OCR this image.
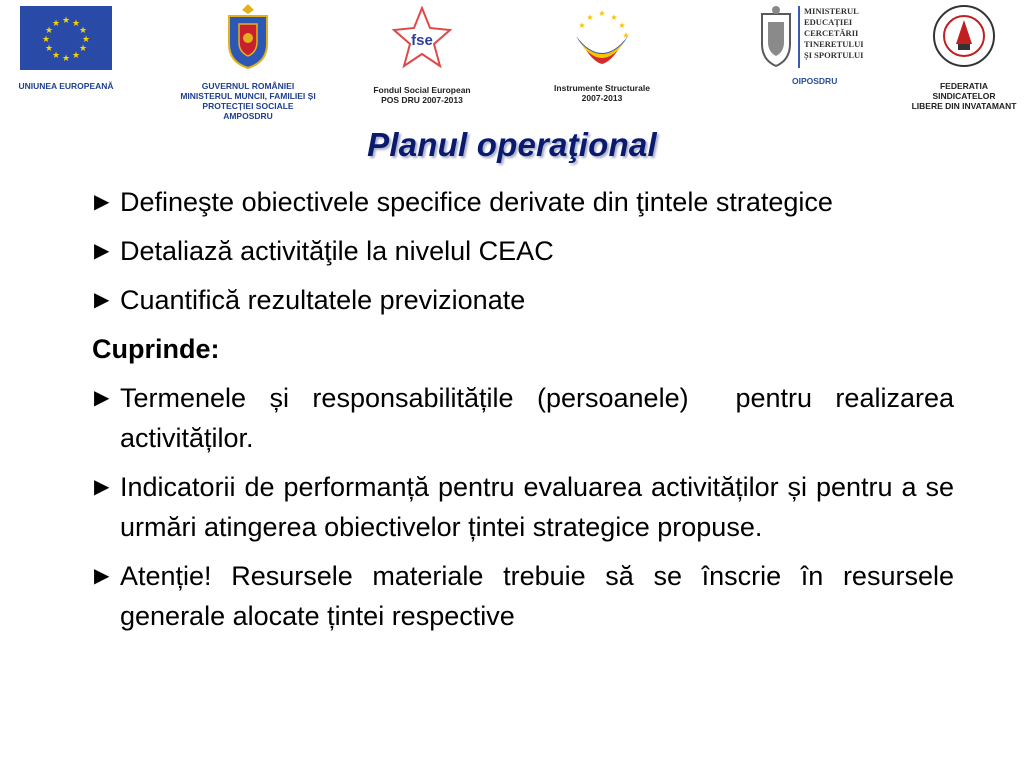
★ ★
★
★
★
★
★
★
★
★
★
★
UNIUNEA EUROPEANĂ	GUVERNUL ROMÂNIEI
MINISTERUL MUNCII, FAMILIEI ȘI
PROTECȚIEI SOCIALE
AMPOSDRU
fse
Fondul Social European
POS DRU 2007-2013
★ ★
★
★
★
★
Instrumente Structurale
2007-2013
MINISTERUL
EDUCAȚIEI
CERCETĂRII
TINERETULUI
ȘI SPORTULUI
OIPOSDRU	FEDERATIA SINDICATELOR
LIBERE DIN INVATAMANT
Planul operaţional
▶ Defineşte obiectivele specifice derivate din ţintele strategice
▶ Detaliază activităţile la nivelul CEAC
▶ Cuantifică rezultatele previzionate
Cuprinde:
▶ Termenele și responsabilitățile (persoanele)  pentru realizarea activităților.
▶ Indicatorii de performanță pentru evaluarea activităților și pentru a se urmări atingerea obiectivelor țintei strategice propuse.
▶ Atenție! Resursele materiale trebuie să se înscrie în resursele generale alocate țintei respective
